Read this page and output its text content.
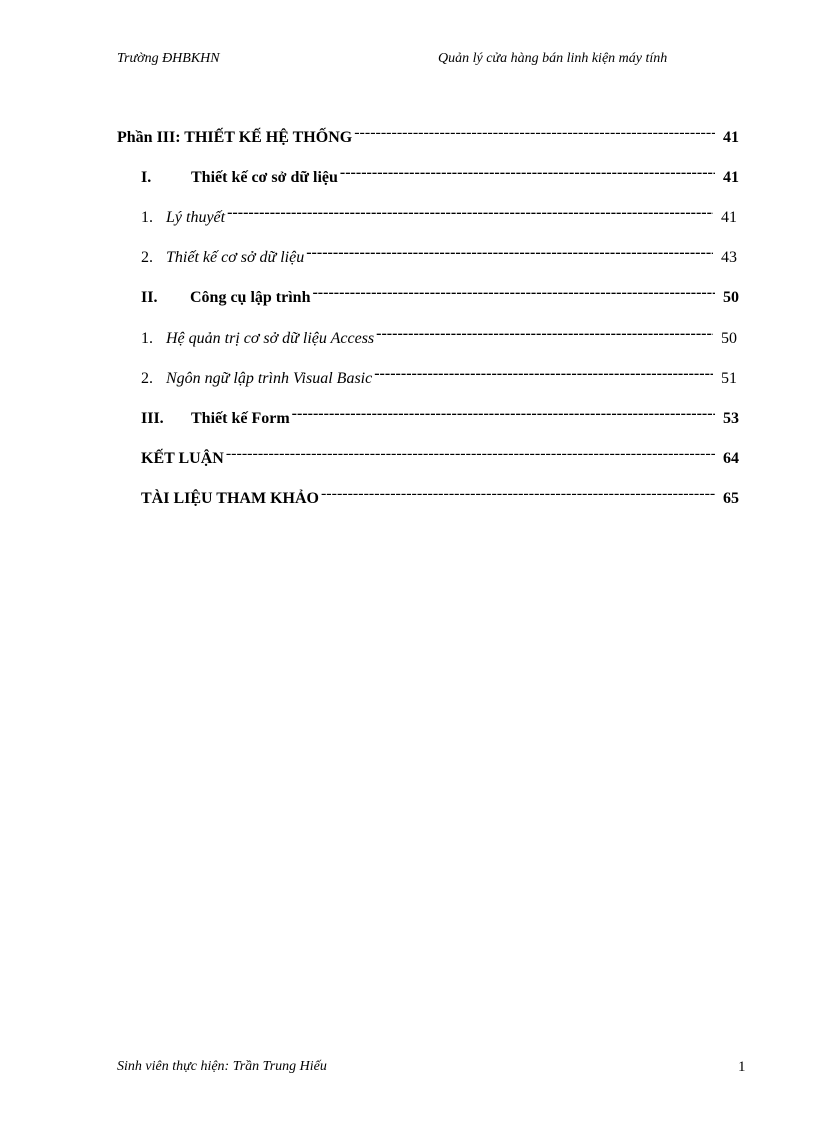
Trường ĐHBKHN	Quản lý cửa hàng bán linh kiện máy tính
Phần III: THIẾT KẾ HỆ THỐNG -----	41
I.	Thiết kế cơ sở dữ liệu -----	41
1. Lý thuyết -----	41
2. Thiết kế cơ sở dữ liệu -----	43
II.	Công cụ lập trình -----	50
1. Hệ quản trị cơ sở dữ liệu Access -----	50
2. Ngôn ngữ lập trình Visual Basic -----	51
III.	Thiết kế Form -----	53
KẾT LUẬN -----	64
TÀI LIỆU THAM KHẢO -----	65
Sinh viên thực hiện: Trần Trung Hiếu	1
